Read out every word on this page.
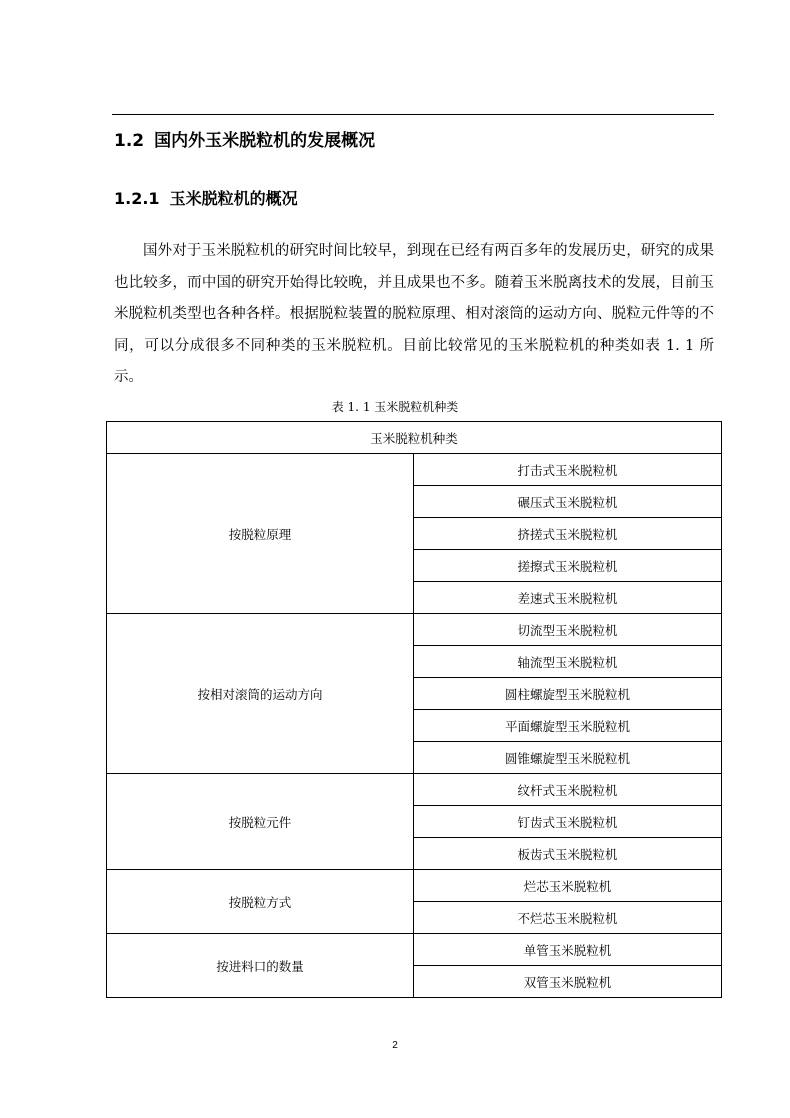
1.2 国内外玉米脱粒机的发展概况
1.2.1 玉米脱粒机的概况

国外对于玉米脱粒机的研究时间比较早，到现在已经有两百多年的发展历史，研究的成果也比较多，而中国的研究开始得比较晚，并且成果也不多。随着玉米脱离技术的发展，目前玉米脱粒机类型也各种各样。根据脱粒装置的脱粒原理、相对滚筒的运动方向、脱粒元件等的不同，可以分成很多不同种类的玉米脱粒机。目前比较常见的玉米脱粒机的种类如表 1. 1 所示。

表 1. 1 玉米脱粒机种类
玉米脱粒机种类	
按脱粒原理	打击式玉米脱粒机
	碾压式玉米脱粒机
	挤搓式玉米脱粒机
	搓擦式玉米脱粒机
	差速式玉米脱粒机
按相对滚筒的运动方向	切流型玉米脱粒机
	轴流型玉米脱粒机
	圆柱螺旋型玉米脱粒机
	平面螺旋型玉米脱粒机
	圆锥螺旋型玉米脱粒机
按脱粒元件	纹杆式玉米脱粒机
	钉齿式玉米脱粒机
	板齿式玉米脱粒机
按脱粒方式	烂芯玉米脱粒机
	不烂芯玉米脱粒机
按进料口的数量	单管玉米脱粒机
	双管玉米脱粒机
2
